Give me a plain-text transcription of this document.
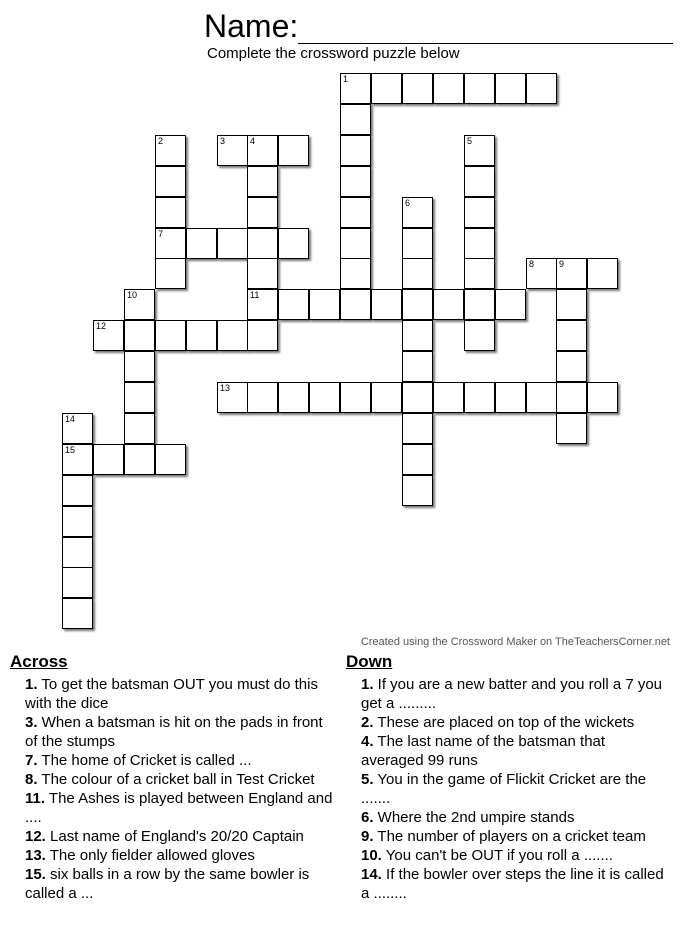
Name:
Complete the crossword puzzle below
1
2	3	4	5
6
7
8	9
10	11
12
13
14
15
Created using the Crossword Maker on TheTeachersCorner.net
Across

1. To get the batsman OUT you must do this with the dice

3. When a batsman is hit on the pads in front of the stumps

7. The home of Cricket is called ...

8. The colour of a cricket ball in Test Cricket

11. The Ashes is played between England and ....

12. Last name of England's 20/20 Captain

13. The only fielder allowed gloves

15. six balls in a row by the same bowler is called a ...

Down

1. If you are a new batter and you roll a 7 you get a .........

2. These are placed on top of the wickets

4. The last name of the batsman that averaged 99 runs

5. You in the game of Flickit Cricket are the .......

6. Where the 2nd umpire stands

9. The number of players on a cricket team

10. You can't be OUT if you roll a .......

14. If the bowler over steps the line it is called a ........
